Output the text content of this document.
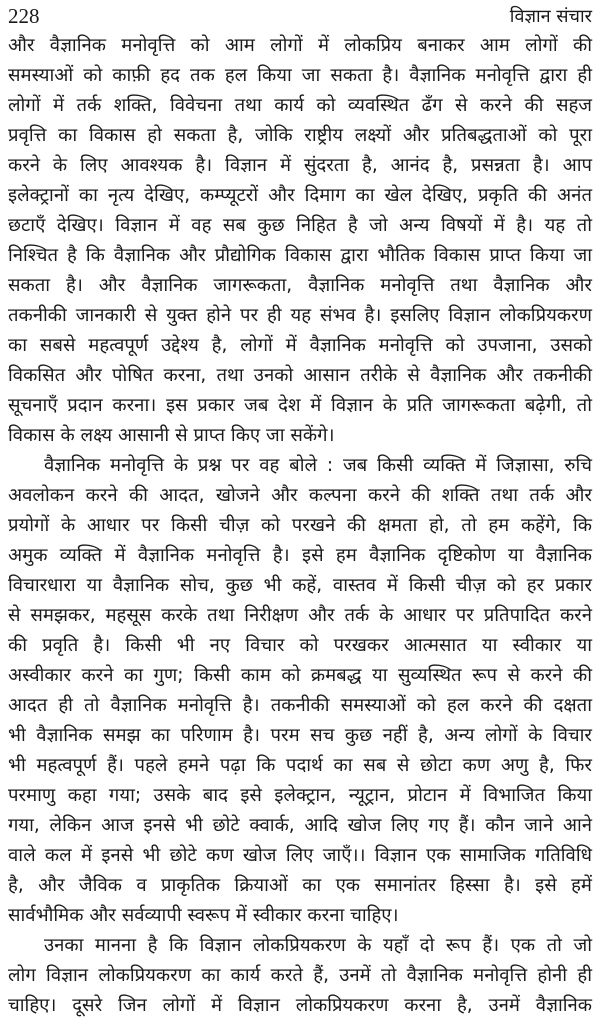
228	विज्ञान संचार
और वैज्ञानिक मनोवृत्ति को आम लोगों में लोकप्रिय बनाकर आम लोगों की
समस्याओं को काफ़ी हद तक हल किया जा सकता है। वैज्ञानिक मनोवृत्ति द्वारा ही
लोगों में तर्क शक्ति, विवेचना तथा कार्य को व्यवस्थित ढँग से करने की सहज
प्रवृत्ति का विकास हो सकता है, जोकि राष्ट्रीय लक्ष्यों और प्रतिबद्धताओं को पूरा
करने के लिए आवश्यक है। विज्ञान में सुंदरता है, आनंद है, प्रसन्नता है। आप
इलेक्ट्रानों का नृत्य देखिए, कम्प्यूटरों और दिमाग का खेल देखिए, प्रकृति की अनंत
छटाएँ देखिए। विज्ञान में वह सब कुछ निहित है जो अन्य विषयों में है। यह तो
निश्चित है कि वैज्ञानिक और प्रौद्योगिक विकास द्वारा भौतिक विकास प्राप्त किया जा
सकता है। और वैज्ञानिक जागरूकता, वैज्ञानिक मनोवृत्ति तथा वैज्ञानिक और
तकनीकी जानकारी से युक्त होने पर ही यह संभव है। इसलिए विज्ञान लोकप्रियकरण
का सबसे महत्वपूर्ण उद्देश्य है, लोगों में वैज्ञानिक मनोवृत्ति को उपजाना, उसको
विकसित और पोषित करना, तथा उनको आसान तरीके से वैज्ञानिक और तकनीकी
सूचनाएँ प्रदान करना। इस प्रकार जब देश में विज्ञान के प्रति जागरूकता बढ़ेगी, तो
विकास के लक्ष्य आसानी से प्राप्त किए जा सकेंगे।
वैज्ञानिक मनोवृत्ति के प्रश्न पर वह बोले : जब किसी व्यक्ति में जिज्ञासा, रुचि
अवलोकन करने की आदत, खोजने और कल्पना करने की शक्ति तथा तर्क और
प्रयोगों के आधार पर किसी चीज़ को परखने की क्षमता हो, तो हम कहेंगे, कि
अमुक व्यक्ति में वैज्ञानिक मनोवृत्ति है। इसे हम वैज्ञानिक दृष्टिकोण या वैज्ञानिक
विचारधारा या वैज्ञानिक सोच, कुछ भी कहें, वास्तव में किसी चीज़ को हर प्रकार
से समझकर, महसूस करके तथा निरीक्षण और तर्क के आधार पर प्रतिपादित करने
की प्रवृति है। किसी भी नए विचार को परखकर आत्मसात या स्वीकार या
अस्वीकार करने का गुण; किसी काम को क्रमबद्ध या सुव्यस्थित रूप से करने की
आदत ही तो वैज्ञानिक मनोवृत्ति है। तकनीकी समस्याओं को हल करने की दक्षता
भी वैज्ञानिक समझ का परिणाम है। परम सच कुछ नहीं है, अन्य लोगों के विचार
भी महत्वपूर्ण हैं। पहले हमने पढ़ा कि पदार्थ का सब से छोटा कण अणु है, फिर
परमाणु कहा गया; उसके बाद इसे इलेक्ट्रान, न्यूट्रान, प्रोटान में विभाजित किया
गया, लेकिन आज इनसे भी छोटे क्वार्क, आदि खोज लिए गए हैं। कौन जाने आने
वाले कल में इनसे भी छोटे कण खोज लिए जाएँ।। विज्ञान एक सामाजिक गतिविधि
है, और जैविक व प्राकृतिक क्रियाओं का एक समानांतर हिस्सा है। इसे हमें
सार्वभौमिक और सर्वव्यापी स्वरूप में स्वीकार करना चाहिए।
उनका मानना है कि विज्ञान लोकप्रियकरण के यहाँ दो रूप हैं। एक तो जो
लोग विज्ञान लोकप्रियकरण का कार्य करते हैं, उनमें तो वैज्ञानिक मनोवृत्ति होनी ही
चाहिए। दूसरे जिन लोगों में विज्ञान लोकप्रियकरण करना है, उनमें वैज्ञानिक
